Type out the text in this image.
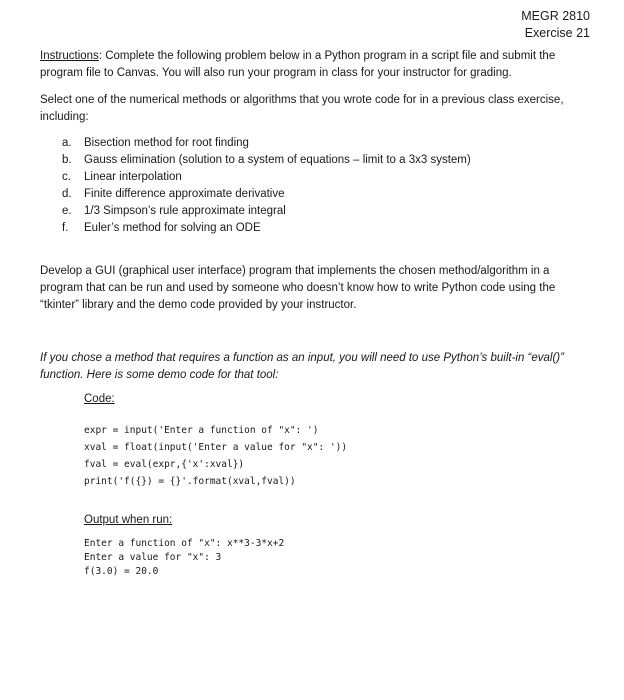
MEGR 2810
Exercise 21
Instructions: Complete the following problem below in a Python program in a script file and submit the program file to Canvas. You will also run your program in class for your instructor for grading.
Select one of the numerical methods or algorithms that you wrote code for in a previous class exercise, including:
a.	Bisection method for root finding
b.	Gauss elimination (solution to a system of equations – limit to a 3x3 system)
c.	Linear interpolation
d.	Finite difference approximate derivative
e.	1/3 Simpson’s rule approximate integral
f.	Euler’s method for solving an ODE
Develop a GUI (graphical user interface) program that implements the chosen method/algorithm in a program that can be run and used by someone who doesn’t know how to write Python code using the “tkinter” library and the demo code provided by your instructor.
If you chose a method that requires a function as an input, you will need to use Python’s built-in “eval()” function. Here is some demo code for that tool:
Code:
expr = input('Enter a function of "x": ')
xval = float(input('Enter a value for "x": '))
fval = eval(expr,{'x':xval})
print('f({}) = {}'.format(xval,fval))
Output when run:
Enter a function of "x": x**3-3*x+2
Enter a value for "x": 3
f(3.0) = 20.0
